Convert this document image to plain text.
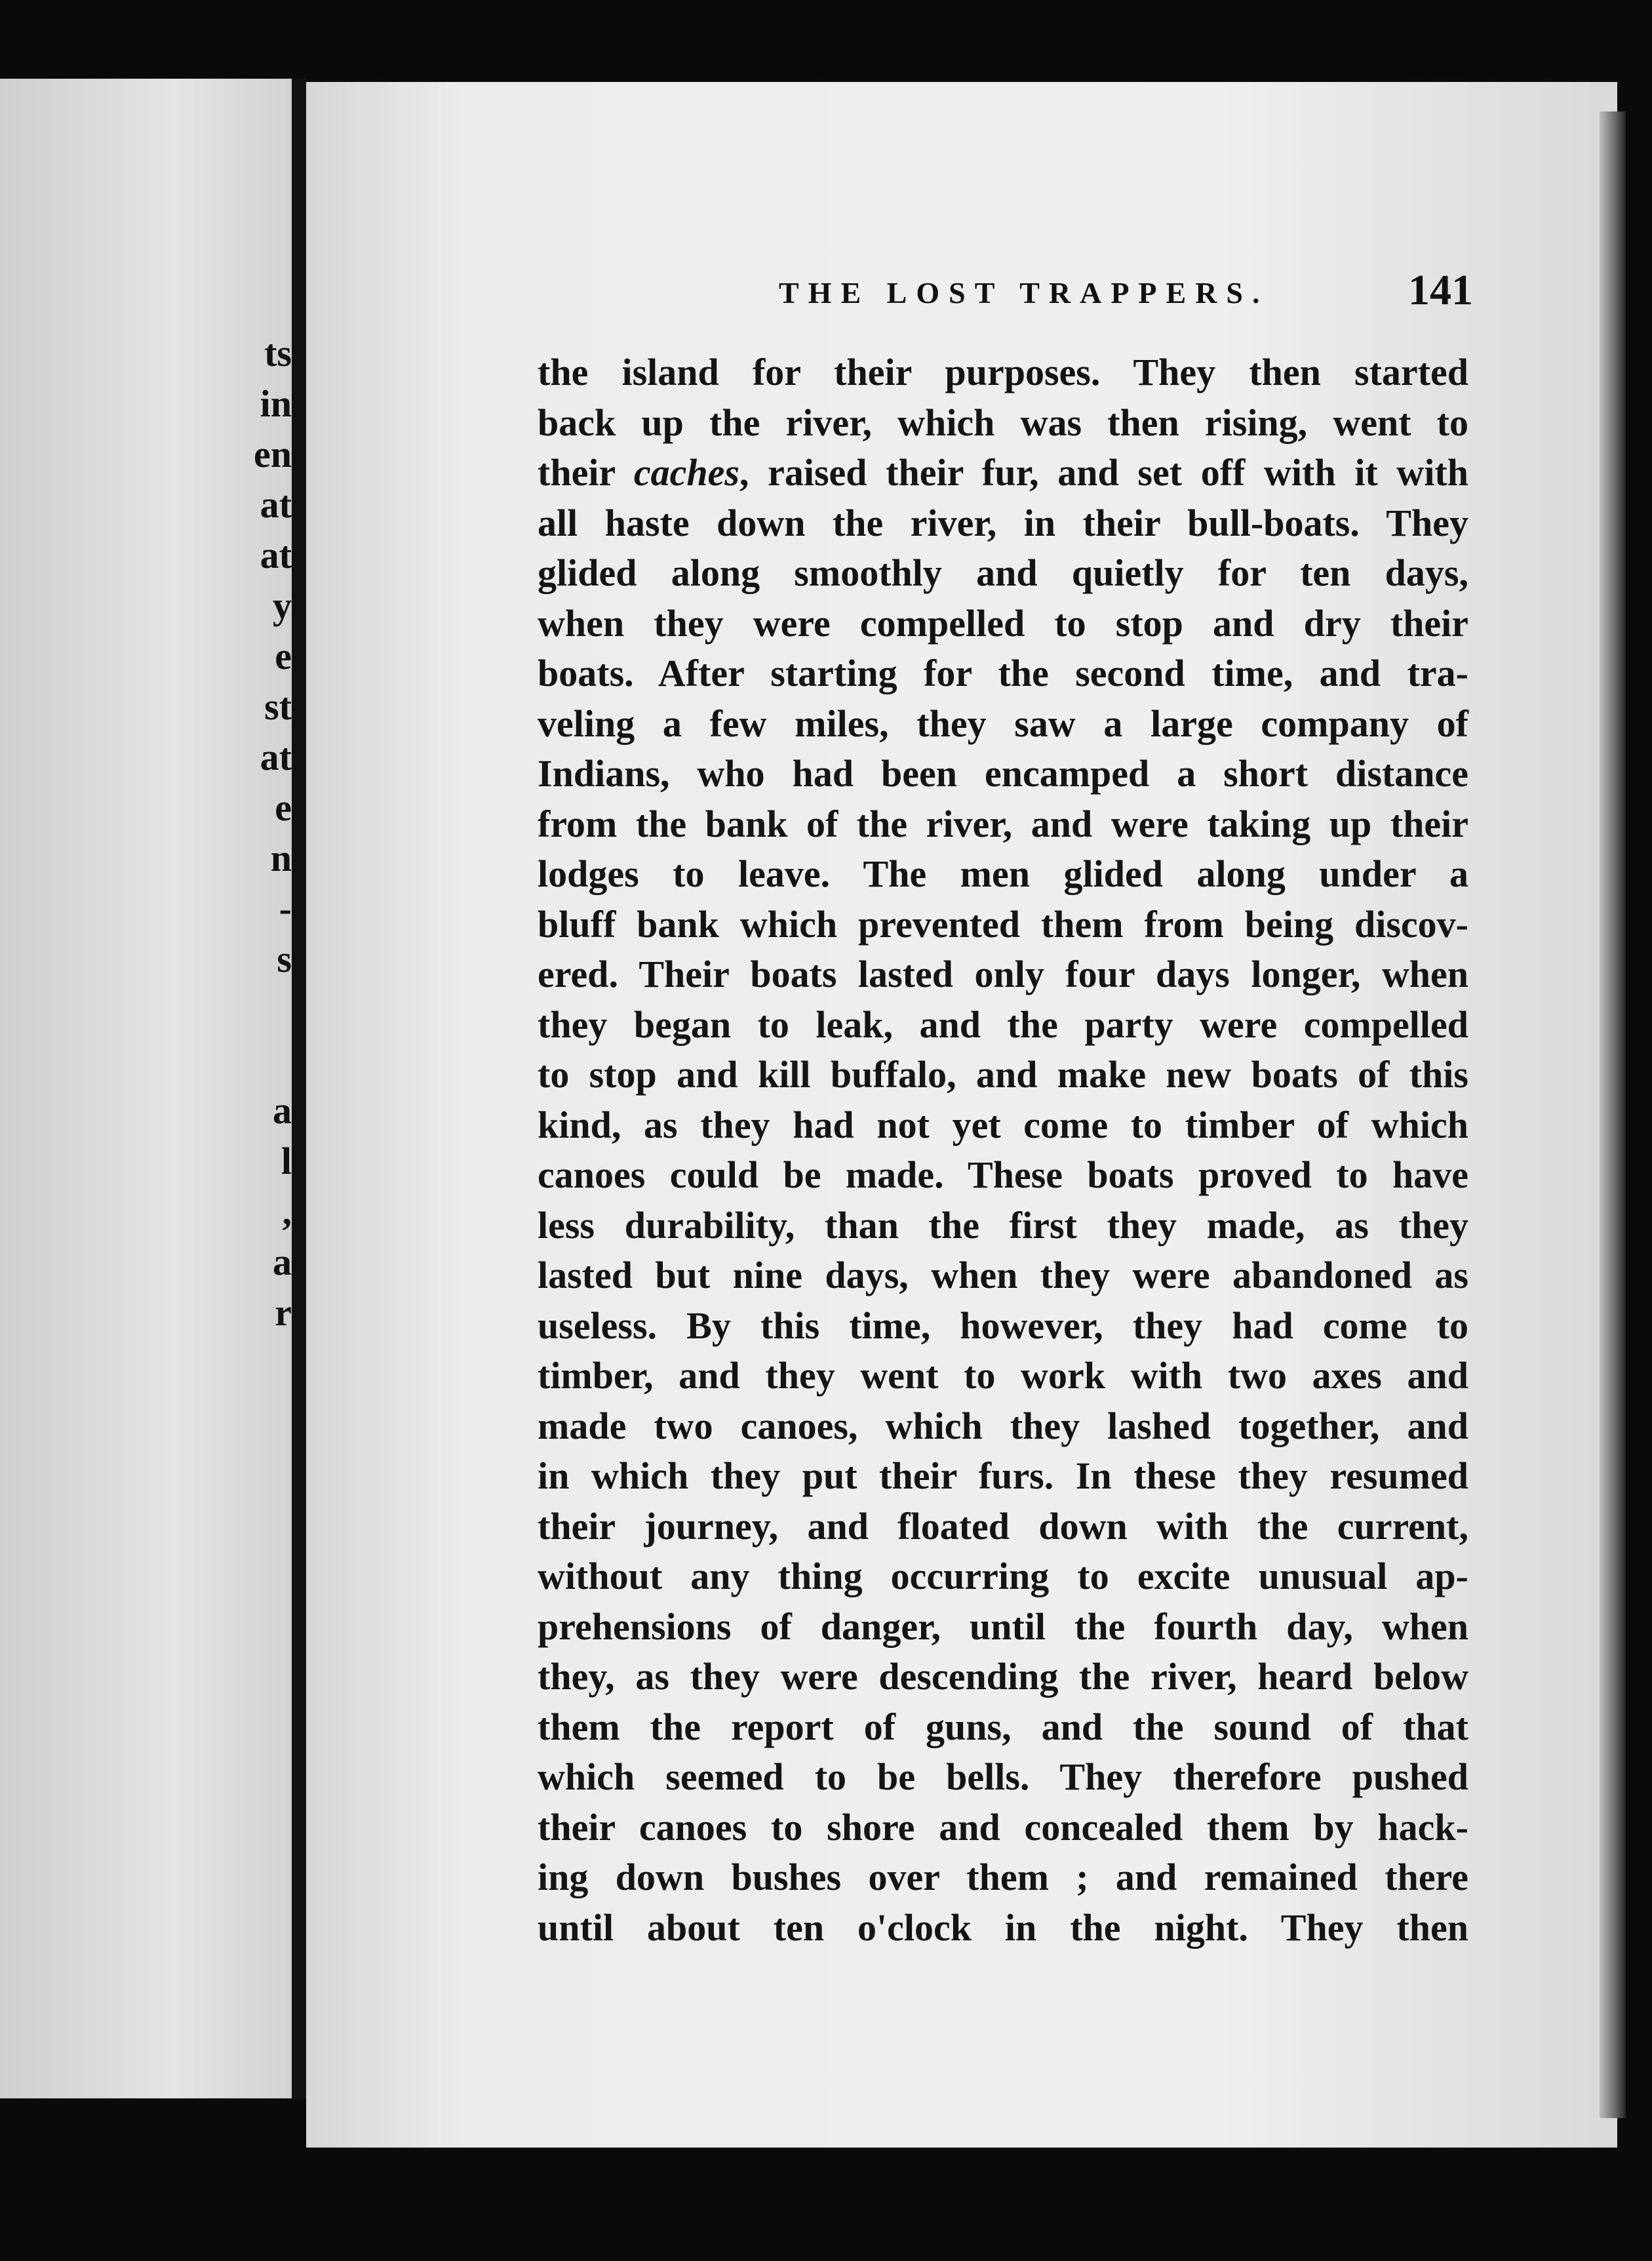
ts
in
en
at
at
y
e
st
at
e
n
-
s
a
l
,
a
r
THE LOST TRAPPERS.	141
the island for their purposes. They then started
back up the river, which was then rising, went to
their caches, raised their fur, and set off with it with
all haste down the river, in their bull-boats. They
glided along smoothly and quietly for ten days,
when they were compelled to stop and dry their
boats. After starting for the second time, and tra-
veling a few miles, they saw a large company of
Indians, who had been encamped a short distance
from the bank of the river, and were taking up their
lodges to leave. The men glided along under a
bluff bank which prevented them from being discov-
ered. Their boats lasted only four days longer, when
they began to leak, and the party were compelled
to stop and kill buffalo, and make new boats of this
kind, as they had not yet come to timber of which
canoes could be made. These boats proved to have
less durability, than the first they made, as they
lasted but nine days, when they were abandoned as
useless. By this time, however, they had come to
timber, and they went to work with two axes and
made two canoes, which they lashed together, and
in which they put their furs. In these they resumed
their journey, and floated down with the current,
without any thing occurring to excite unusual ap-
prehensions of danger, until the fourth day, when
they, as they were descending the river, heard below
them the report of guns, and the sound of that
which seemed to be bells. They therefore pushed
their canoes to shore and concealed them by hack-
ing down bushes over them ; and remained there
until about ten o'clock in the night. They then
